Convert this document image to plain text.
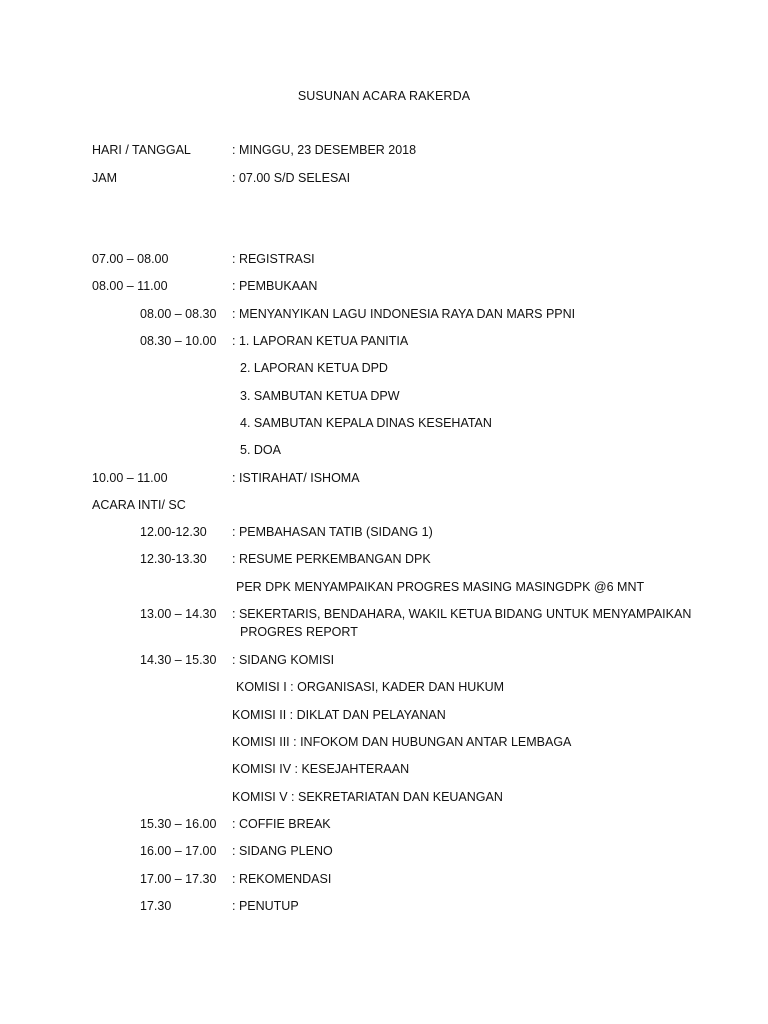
SUSUNAN ACARA RAKERDA
HARI / TANGGAL	: MINGGU, 23 DESEMBER 2018
JAM	: 07.00 S/D SELESAI
07.00 – 08.00	: REGISTRASI
08.00 – 11.00	: PEMBUKAAN
08.00 – 08.30 : MENYANYIKAN LAGU INDONESIA RAYA DAN MARS PPNI
08.30 – 10.00 : 1. LAPORAN KETUA PANITIA
2. LAPORAN KETUA DPD
3. SAMBUTAN KETUA DPW
4. SAMBUTAN KEPALA DINAS KESEHATAN
5. DOA
10.00 – 11.00	: ISTIRAHAT/ ISHOMA
ACARA INTI/ SC
12.00-12.30 : PEMBAHASAN TATIB (SIDANG 1)
12.30-13.30 : RESUME PERKEMBANGAN DPK
PER DPK MENYAMPAIKAN PROGRES MASING MASINGDPK @6 MNT
13.00 – 14.30 : SEKERTARIS, BENDAHARA, WAKIL KETUA BIDANG UNTUK MENYAMPAIKAN
PROGRES REPORT
14.30 – 15.30 : SIDANG KOMISI
KOMISI I : ORGANISASI, KADER DAN HUKUM
KOMISI II : DIKLAT DAN PELAYANAN
KOMISI III : INFOKOM DAN HUBUNGAN ANTAR LEMBAGA
KOMISI IV : KESEJAHTERAAN
KOMISI V : SEKRETARIATAN DAN KEUANGAN
15.30 – 16.00 : COFFIE BREAK
16.00 – 17.00 : SIDANG PLENO
17.00 – 17.30 : REKOMENDASI
17.30	: PENUTUP
